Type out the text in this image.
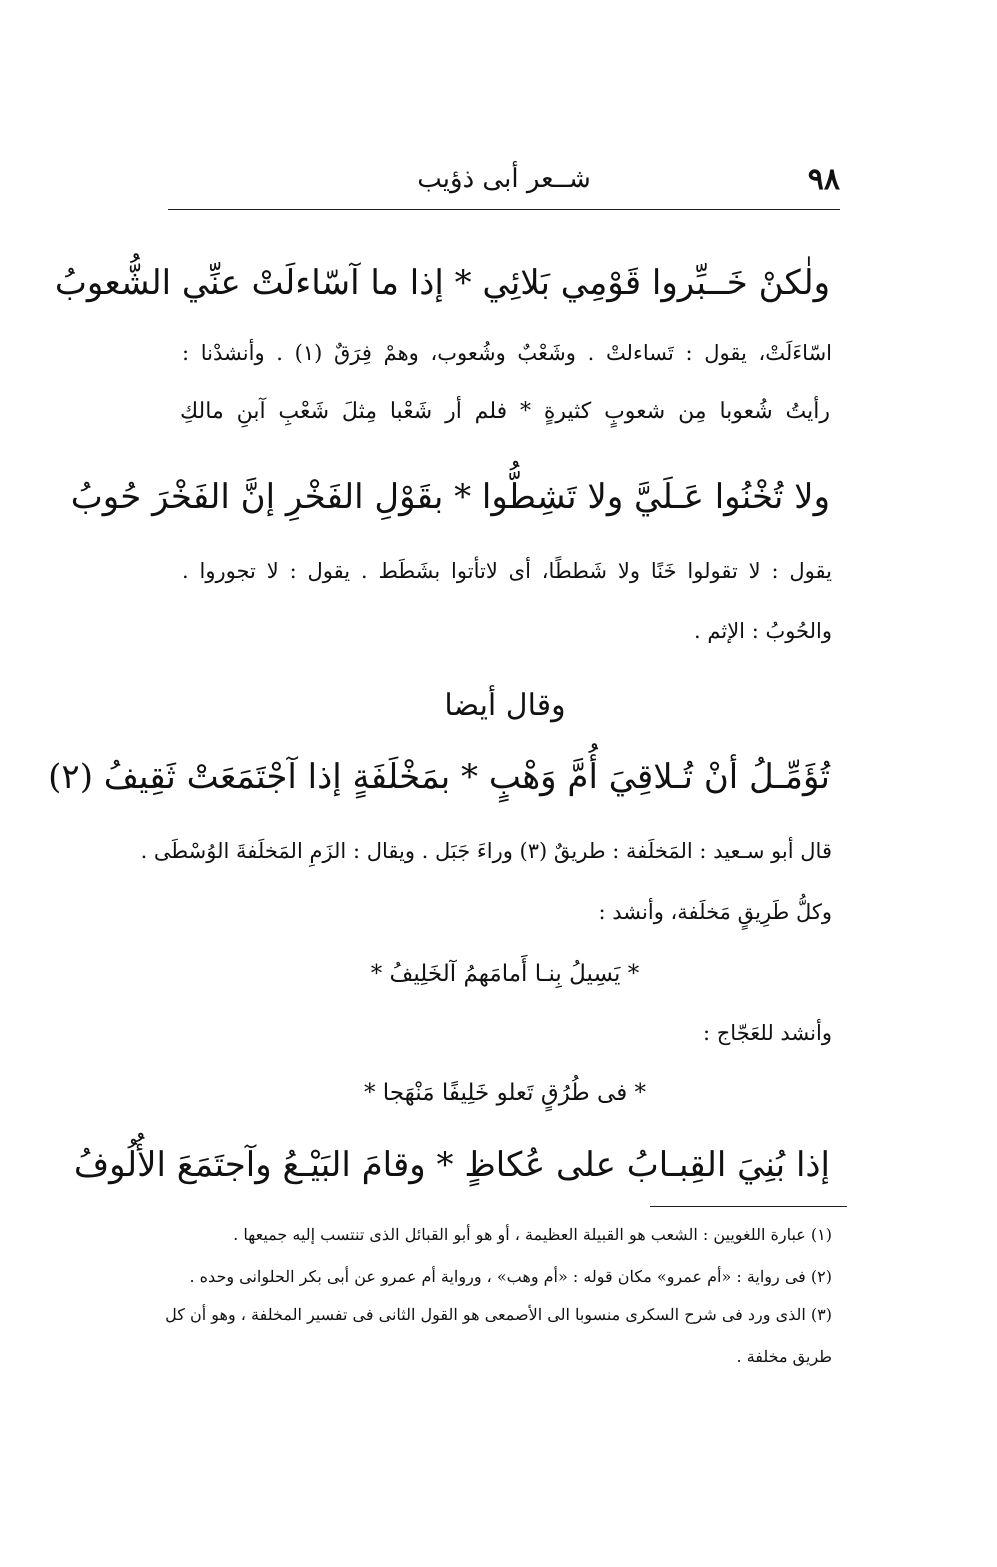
٩٨
شــعر أبى ذؤيب
ولٰكنْ خَــبِّروا قَوْمِي بَلائِي * إذا ما آسّاءلَتْ عنِّي الشُّعوبُ
اسّاءَلَتْ، يقول : تَساءلتْ . وشَعْبٌ وشُعوب، وهمْ فِرَقٌ (١) . وأنشدْنا :
رأيتُ شُعوبا مِن شعوبٍ كثيرةٍ * فلم أر شَعْبا مِثلَ شَعْبِ آبنِ مالكِ
ولا تُخْنُوا عَـلَيَّ ولا تَشِطُّوا * بقَوْلِ الفَخْرِ إنَّ الفَخْرَ حُوبُ
يقول : لا تقولوا خَنًا ولا شَططًا، أى لاتأتوا بشَطَط . يقول : لا تجوروا .
والحُوبُ : الإثم .
وقال أيضا
تُؤَمِّـلُ أنْ تُـلاقِيَ أُمَّ وَهْبٍ * بمَخْلَفَةٍ إذا آجْتَمَعَتْ ثَقِيفُ (٢)
قال أبو سـعيد : المَخلَفة : طريقٌ (٣) وراءَ جَبَل . ويقال : الزَمِ المَخلَفةَ الوُسْطَى .
وكلُّ طَرِيقٍ مَخلَفة، وأنشد :
* يَسِيلُ بِنـا أَمامَهمُ آلخَلِيفُ *
وأنشد للعَجّاج :
* فى طُرُقٍ تَعلو خَلِيفًا مَنْهَجا *
إذا بُنِيَ القِبـابُ على عُكاظٍ * وقامَ البَيْـعُ وآجتَمَعَ الأُلُوفُ
(١) عبارة اللغويين : الشعب هو القبيلة العظيمة ، أو هو أبو القبائل الذى تنتسب إليه جميعها .
(٢) فى رواية : «أم عمرو» مكان قوله : «أم وهب» ، ورواية أم عمرو عن أبى بكر الحلوانى وحده .
(٣) الذى ورد فى شرح السكرى منسوبا الى الأصمعى هو القول الثانى فى تفسير المخلفة ، وهو أن كل
طريق مخلفة .
